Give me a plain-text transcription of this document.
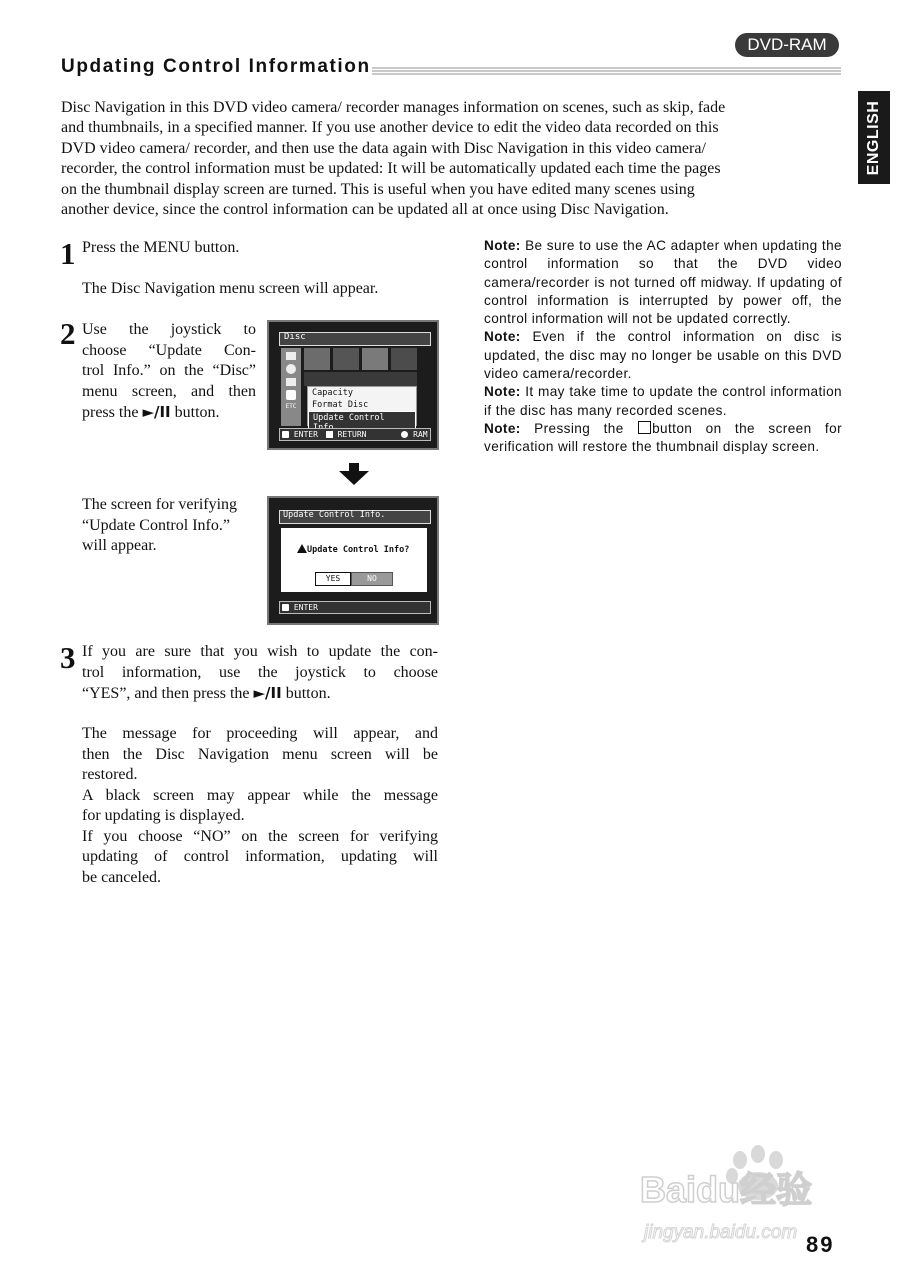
DVD-RAM
Updating Control Information
ENGLISH
Disc Navigation in this DVD video camera/ recorder manages information on scenes, such as skip, fade
and thumbnails, in a specified manner. If you use another device to edit the video data recorded on this
DVD video camera/ recorder, and then use the data again with Disc Navigation in this video camera/
recorder, the control information must be updated: It will be automatically updated each time the pages
on the thumbnail display screen are turned. This is useful when you have edited many scenes using
another device, since the control information can be updated all at once using Disc Navigation.
1 Press the MENU button.
The Disc Navigation menu screen will appear.
2 Use the joystick to
choose “Update Con-
trol Info.” on the “Disc”
menu screen, and then
press the ►/II button.
Disc
ETC
Capacity
Format Disc
Update Control
ENTER RETURN	RAM
The screen for verifying
“Update Control Info.”
will appear.
Update Control Info.
Update Control Info?
YES	NO
ENTER
3 If you are sure that you wish to update the con-
trol information, use the joystick to choose
“YES”, and then press the ►/II button.
The message for proceeding will appear, and
then the Disc Navigation menu screen will be
restored.
A black screen may appear while the message
for updating is displayed.
If you choose “NO” on the screen for verifying
updating of control information, updating will
be canceled.

Note: Be sure to use the AC adapter when updating the control information so that the DVD video camera/recorder is not turned off midway. If updating of control information is interrupted by power off, the control information will not be updated correctly.

Note: Even if the control information on disc is updated, the disc may no longer be usable on this DVD video camera/recorder.

Note: It may take time to update the control information if the disc has many recorded scenes.

Note: Pressing the button on the screen for verification will restore the thumbnail display screen.

Baidu经验
jingyan.baidu.com 89
